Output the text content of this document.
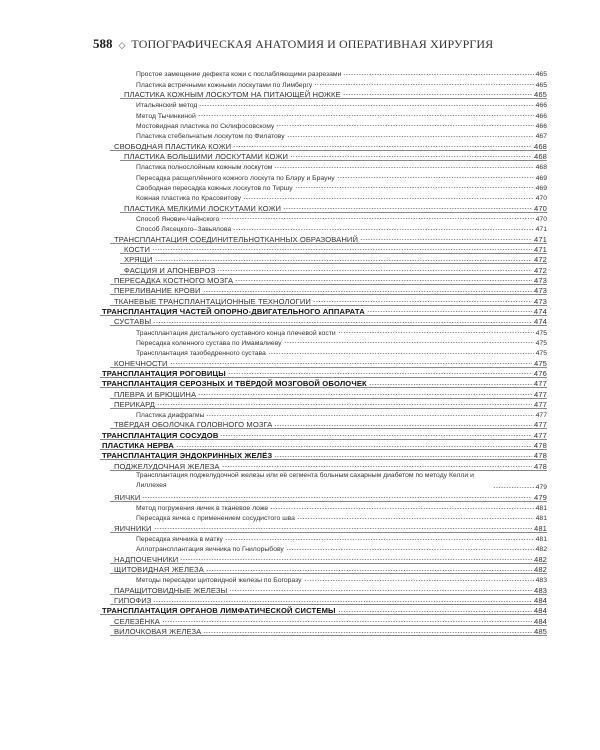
588 ◇ ТОПОГРАФИЧЕСКАЯ АНАТОМИЯ И ОПЕРАТИВНАЯ ХИРУРГИЯ
Простое замещение дефекта кожи с послабляющими разрезами	465
Пластика встречными кожными лоскутами по Лимбергу	465
ПЛАСТИКА КОЖНЫМ ЛОСКУТОМ НА ПИТАЮЩЕЙ НОЖКЕ	465
Итальянский метод	466
Метод Тычинкиной	466
Мостовидная пластика по Склифосовскому	466
Пластика стебельчатым лоскутом по Филатову	467
СВОБОДНАЯ ПЛАСТИКА КОЖИ	468
ПЛАСТИКА БОЛЬШИМИ ЛОСКУТАМИ КОЖИ	468
Пластика полнослойным кожным лоскутом	468
Пересадка расщеплённого кожного лоскута по Блэру и Брауну	469
Свободная пересадка кожных лоскутов по Тиршу	469
Кожная пластика по Красовитову	470
ПЛАСТИКА МЕЛКИМИ ЛОСКУТАМИ КОЖИ	470
Способ Янович-Чайнского	470
Способ Лясецкого–Завьялова	471
ТРАНСПЛАНТАЦИЯ СОЕДИНИТЕЛЬНОТКАННЫХ ОБРАЗОВАНИЙ	471
КОСТИ	471
ХРЯЩИ	472
ФАСЦИЯ И АПОНЕВРОЗ	472
ПЕРЕСАДКА КОСТНОГО МОЗГА	473
ПЕРЕЛИВАНИЕ КРОВИ	473
ТКАНЕВЫЕ ТРАНСПЛАНТАЦИОННЫЕ ТЕХНОЛОГИИ	473
ТРАНСПЛАНТАЦИЯ ЧАСТЕЙ ОПОРНО-ДВИГАТЕЛЬНОГО АППАРАТА	474
СУСТАВЫ	474
Трансплантация дистального суставного конца плечевой кости	475
Пересадка коленного сустава по Имамалиеву	475
Трансплантация тазобедренного сустава	475
КОНЕЧНОСТИ	475
ТРАНСПЛАНТАЦИЯ РОГОВИЦЫ	476
ТРАНСПЛАНТАЦИЯ СЕРОЗНЫХ И ТВЁРДОЙ МОЗГОВОЙ ОБОЛОЧЕК	477
ПЛЕВРА И БРЮШИНА	477
ПЕРИКАРД	477
Пластика диафрагмы	477
ТВЁРДАЯ ОБОЛОЧКА ГОЛОВНОГО МОЗГА	477
ТРАНСПЛАНТАЦИЯ СОСУДОВ	477
ПЛАСТИКА НЕРВА	478
ТРАНСПЛАНТАЦИЯ ЭНДОКРИННЫХ ЖЕЛЁЗ	478
ПОДЖЕЛУДОЧНАЯ ЖЕЛЕЗА	478
Трансплантация поджелудочной железы или её сегмента больным сахарным диабетом по методу Келли и Лиллехея	479
ЯИЧКИ	479
Метод погружения яичек в тканевое ложе	481
Пересадка яичка с применением сосудистого шва	481
ЯИЧНИКИ	481
Пересадка яичника в матку	481
Аллотрансплантация яичника по Гнилорыбову	482
НАДПОЧЕЧНИКИ	482
ЩИТОВИДНАЯ ЖЕЛЕЗА	482
Методы пересадки щитовидной железы по Богоразу	483
ПАРАЩИТОВИДНЫЕ ЖЕЛЕЗЫ	483
ГИПОФИЗ	484
ТРАНСПЛАНТАЦИЯ ОРГАНОВ ЛИМФАТИЧЕСКОЙ СИСТЕМЫ	484
СЕЛЕЗЁНКА	484
ВИЛОЧКОВАЯ ЖЕЛЕЗА	485
